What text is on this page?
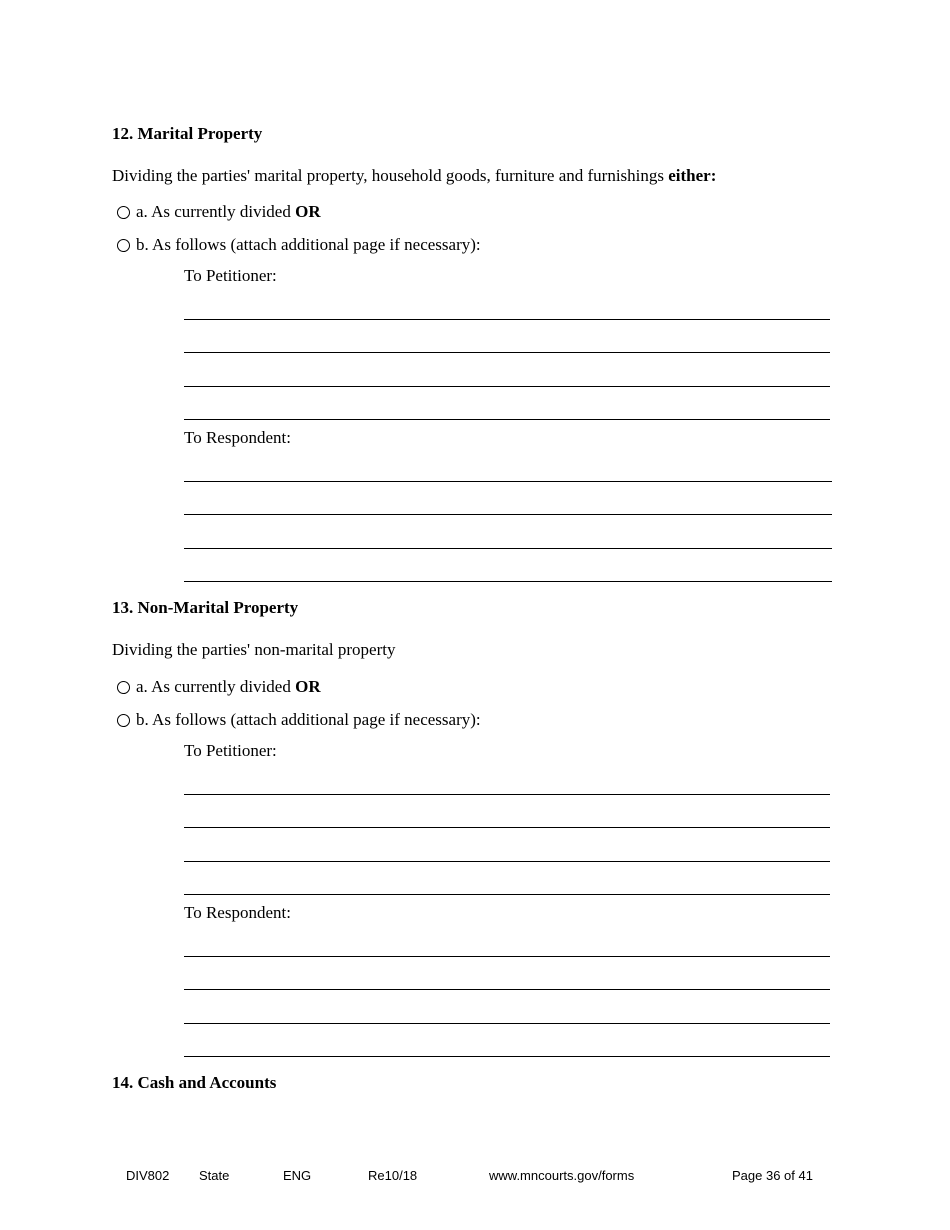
12. Marital Property
Dividing the parties' marital property, household goods, furniture and furnishings either:
a. As currently divided
OR
b. As follows (attach additional page if necessary):
To Petitioner:
To Respondent:
13. Non-Marital Property
Dividing the parties' non-marital property
a. As currently divided
OR
b. As follows (attach additional page if necessary):
To Petitioner:
To Respondent:
14. Cash and Accounts
DIV802 State	ENG	Re10/18	www.mncourts.gov/forms	Page 36 of 41
